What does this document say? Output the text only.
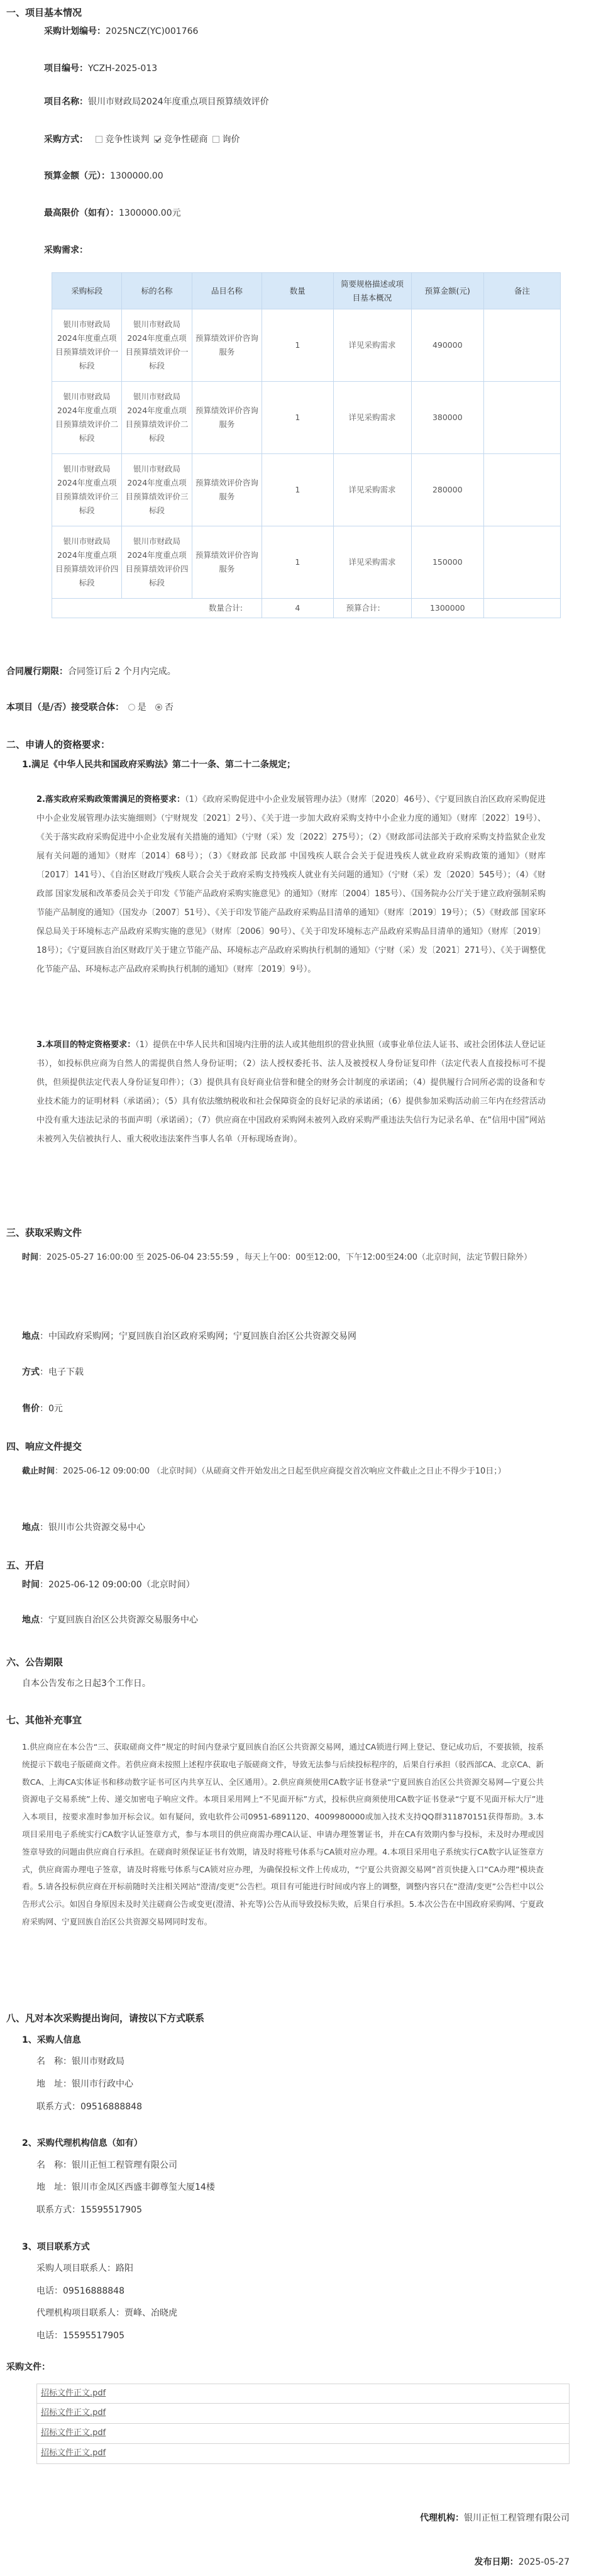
一、项目基本情况
采购计划编号：2025NCZ(YC)001766
项目编号：YCZH-2025-013
项目名称：银川市财政局2024年度重点项目预算绩效评价
采购方式： 竞争性谈判 竞争性磋商 询价
预算金额（元）：1300000.00
最高限价（如有）：1300000.00元
采购需求：
采购标段	标的名称	品目名称	数量	简要规格描述或项目基本概况	预算金额(元)	备注
银川市财政局2024年度重点项目预算绩效评价一标段	银川市财政局2024年度重点项目预算绩效评价一标段	预算绩效评价咨询服务	1	详见采购需求	490000	
银川市财政局2024年度重点项目预算绩效评价二标段	银川市财政局2024年度重点项目预算绩效评价二标段	预算绩效评价咨询服务	1	详见采购需求	380000	
银川市财政局2024年度重点项目预算绩效评价三标段	银川市财政局2024年度重点项目预算绩效评价三标段	预算绩效评价咨询服务	1	详见采购需求	280000	
银川市财政局2024年度重点项目预算绩效评价四标段	银川市财政局2024年度重点项目预算绩效评价四标段	预算绩效评价咨询服务	1	详见采购需求	150000	
数量合计:			4	预算合计:	1300000	
合同履行期限：合同签订后 2 个月内完成。
本项目（是/否）接受联合体： 是 否
二、申请人的资格要求：
1.满足《中华人民共和国政府采购法》第二十一条、第二十二条规定；
2.落实政府采购政策需满足的资格要求：（1）《政府采购促进中小企业发展管理办法》（财库〔2020〕46号）、《宁夏回族自治区政府采购促进中小企业发展管理办法实施细则》（宁财规发〔2021〕2号）、《关于进一步加大政府采购支持中小企业力度的通知》（财库〔2022〕19号）、《关于落实政府采购促进中小企业发展有关措施的通知》（宁财（采）发〔2022〕275号）；（2）《财政部司法部关于政府采购支持监狱企业发展有关问题的通知》（财库〔2014〕68号）；（3）《财政部 民政部 中国残疾人联合会关于促进残疾人就业政府采购政策的通知》（财库〔2017〕141号）、《自治区财政厅残疾人联合会关于政府采购支持残疾人就业有关问题的通知》（宁财（采）发〔2020〕545号）；（4）《财政部 国家发展和改革委员会关于印发《节能产品政府采购实施意见》的通知》（财库〔2004〕185号）、《国务院办公厅关于建立政府强制采购节能产品制度的通知》（国发办〔2007〕51号）、《关于印发节能产品政府采购品目清单的通知》（财库〔2019〕19号）；（5）《财政部 国家环保总局关于环境标志产品政府采购实施的意见》（财库〔2006〕90号）、《关于印发环境标志产品政府采购品目清单的通知》（财库〔2019〕18号）；《宁夏回族自治区财政厅关于建立节能产品、环境标志产品政府采购执行机制的通知》（宁财（采）发〔2021〕271号）、《关于调整优化节能产品、环境标志产品政府采购执行机制的通知》（财库〔2019〕9号）。
3.本项目的特定资格要求：（1）提供在中华人民共和国境内注册的法人或其他组织的营业执照（或事业单位法人证书、或社会团体法人登记证书），如投标供应商为自然人的需提供自然人身份证明；（2）法人授权委托书、法人及被授权人身份证复印件（法定代表人直接投标可不提供，但须提供法定代表人身份证复印件）；（3）提供具有良好商业信誉和健全的财务会计制度的承诺函；（4）提供履行合同所必需的设备和专业技术能力的证明材料（承诺函）；（5）具有依法缴纳税收和社会保障资金的良好记录的承诺函；（6）提供参加采购活动前三年内在经营活动中没有重大违法记录的书面声明（承诺函）；（7）供应商在中国政府采购网未被列入政府采购严重违法失信行为记录名单、在“信用中国”网站未被列入失信被执行人、重大税收违法案件当事人名单（开标现场查询）。
三、获取采购文件
时间：2025-05-27 16:00:00 至 2025-06-04 23:55:59 ，每天上午00：00至12:00，下午12:00至24:00（北京时间，法定节假日除外）
地点：中国政府采购网；宁夏回族自治区政府采购网；宁夏回族自治区公共资源交易网
方式：电子下载
售价：0元
四、响应文件提交
截止时间：2025-06-12 09:00:00 （北京时间）（从磋商文件开始发出之日起至供应商提交首次响应文件截止之日止不得少于10日；）
地点：银川市公共资源交易中心
五、开启
时间：2025-06-12 09:00:00（北京时间）
地点：宁夏回族自治区公共资源交易服务中心
六、公告期限
自本公告发布之日起3个工作日。
七、其他补充事宜
1.供应商应在本公告“三、获取磋商文件”规定的时间内登录宁夏回族自治区公共资源交易网，通过CA锁进行网上登记、登记成功后，不要拔锁，按系统提示下载电子版磋商文件。若供应商未按照上述程序获取电子版磋商文件，导致无法参与后续投标程序的，后果自行承担（驳西部CA、北京CA、新数CA、上海CA实体证书和移动数字证书可区内共享互认、全区通用）。2.供应商须使用CA数字证书登录“宁夏回族自治区公共资源交易网—宁夏公共资源电子交易系统”上传、递交加密电子响应文件。本项目采用网上“不见面开标”方式，投标供应商须使用CA数字证书登录“宁夏不见面开标大厅”进入本项目，按要求准时参加开标会议。如有疑问，致电软件公司0951-6891120、4009980000或加入技术支持QQ群311870151获得帮助。3.本项目采用电子系统实行CA数字认证签章方式，参与本项目的供应商需办理CA认证、申请办理签署证书，并在CA有效期内参与投标，未及时办理或因签章导致的问题由供应商自行承担。在磋商时须保证证书有效期，请及时将账号体系与CA锁对应办理。4.本项目采用电子系统实行CA数字认证签章方式，供应商需办理电子签章，请及时将账号体系与CA锁对应办理，为确保投标文件上传成功，“宁夏公共资源交易网”首页快捷入口“CA办理”模块查看。5.请各投标供应商在开标前随时关注相关网站“澄清/变更”公告栏。项目有可能进行时间或内容上的调整，调整内容只在“澄清/变更”公告栏中以公告形式公示。如因自身原因未及时关注磋商公告或变更(澄清、补充等)公告从而导致投标失败，后果自行承担。5.本次公告在中国政府采购网、宁夏政府采购网、宁夏回族自治区公共资源交易网同时发布。
八、凡对本次采购提出询问，请按以下方式联系
1、采购人信息
名　称：银川市财政局
地　址：银川市行政中心
联系方式：09516888848
2、采购代理机构信息（如有）
名　称：银川正恒工程管理有限公司
地　址：银川市金凤区西盛丰御尊玺大厦14楼
联系方式：15595517905
3、项目联系方式
采购人项目联系人：路阳
电话：09516888848
代理机构项目联系人：贾峰、冶晓虎
电话：15595517905
采购文件：
招标文件正文.pdf
招标文件正文.pdf
招标文件正文.pdf
招标文件正文.pdf
代理机构：银川正恒工程管理有限公司
发布日期：2025-05-27
